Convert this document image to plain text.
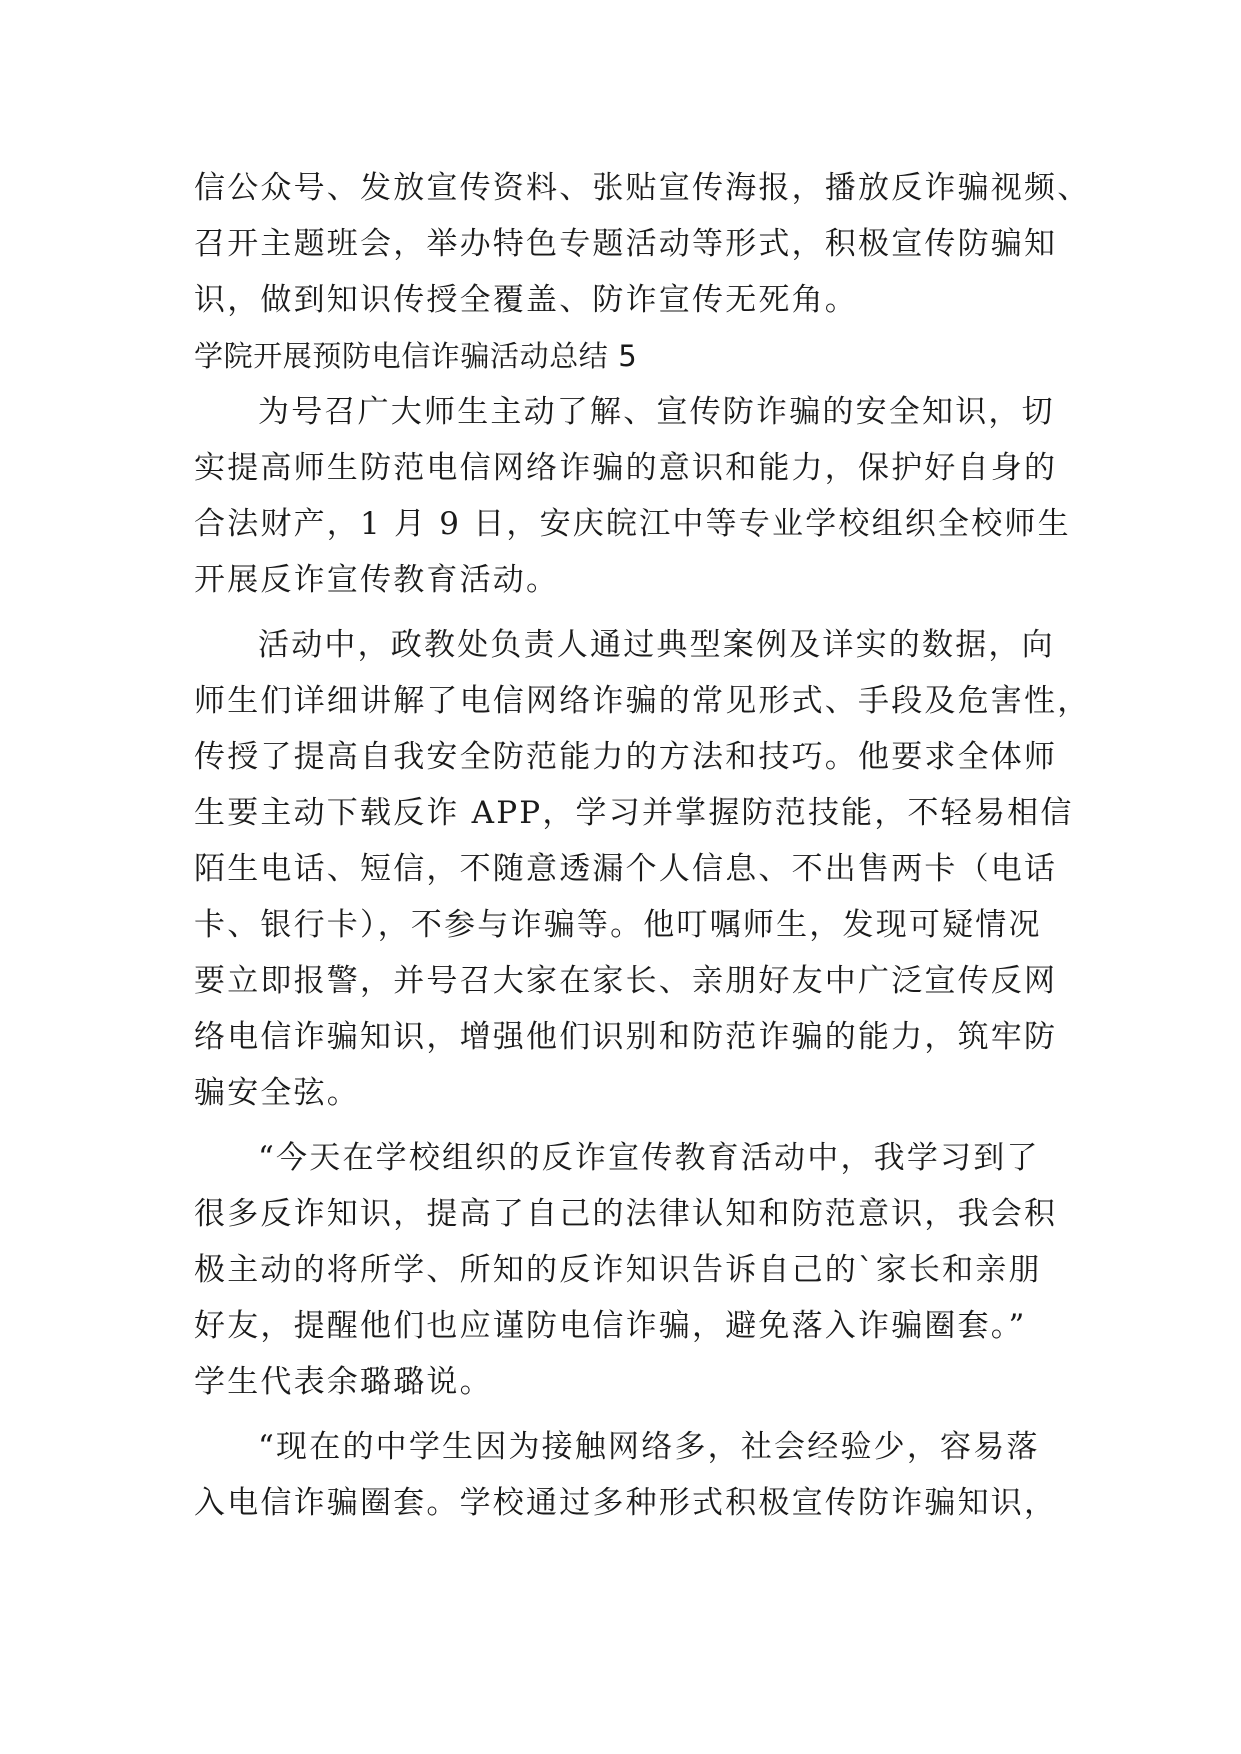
信公众号、发放宣传资料、张贴宣传海报，播放反诈骗视频、
召开主题班会，举办特色专题活动等形式，积极宣传防骗知
识，做到知识传授全覆盖、防诈宣传无死角。
学院开展预防电信诈骗活动总结 5
为号召广大师生主动了解、宣传防诈骗的安全知识，切
实提高师生防范电信网络诈骗的意识和能力，保护好自身的
合法财产，1 月 9 日，安庆皖江中等专业学校组织全校师生
开展反诈宣传教育活动。
活动中，政教处负责人通过典型案例及详实的数据，向
师生们详细讲解了电信网络诈骗的常见形式、手段及危害性，
传授了提高自我安全防范能力的方法和技巧。他要求全体师
生要主动下载反诈 APP，学习并掌握防范技能，不轻易相信
陌生电话、短信，不随意透漏个人信息、不出售两卡（电话
卡、银行卡），不参与诈骗等。他叮嘱师生，发现可疑情况
要立即报警，并号召大家在家长、亲朋好友中广泛宣传反网
络电信诈骗知识，增强他们识别和防范诈骗的能力，筑牢防
骗安全弦。
“今天在学校组织的反诈宣传教育活动中，我学习到了
很多反诈知识，提高了自己的法律认知和防范意识，我会积
极主动的将所学、所知的反诈知识告诉自己的`家长和亲朋
好友，提醒他们也应谨防电信诈骗，避免落入诈骗圈套。”
学生代表余璐璐说。
“现在的中学生因为接触网络多，社会经验少，容易落
入电信诈骗圈套。学校通过多种形式积极宣传防诈骗知识，
